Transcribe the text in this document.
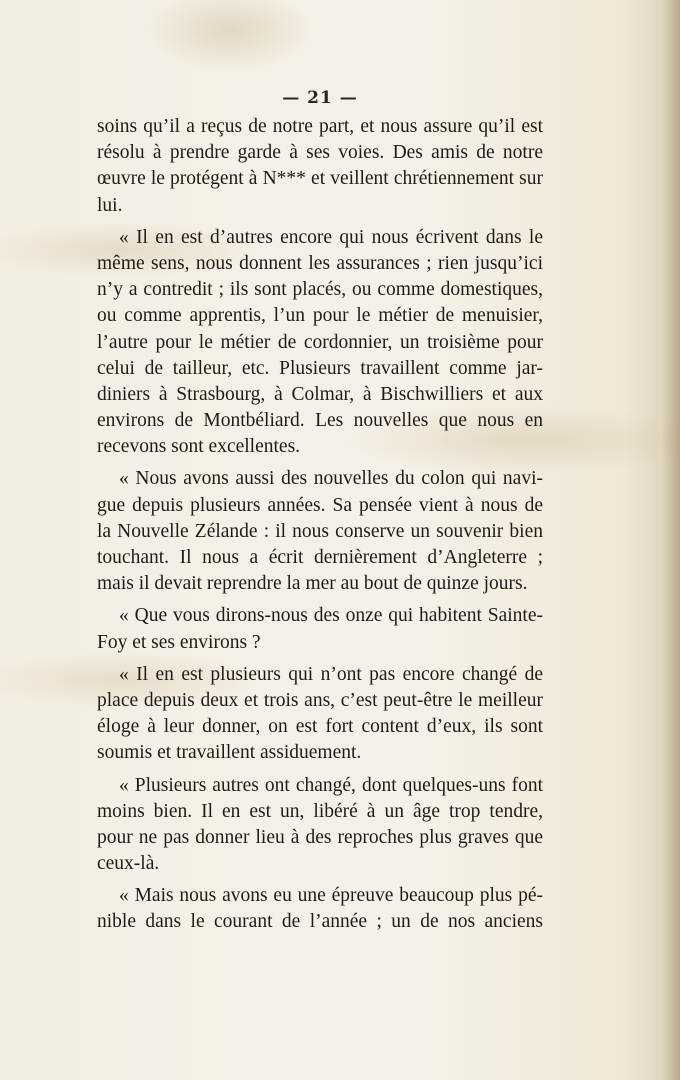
— 21 —
soins qu’il a reçus de notre part, et nous assure qu’il est
résolu à prendre garde à ses voies. Des amis de notre
œuvre le protégent à N*** et veillent chrétiennement sur
lui.
« Il en est d’autres encore qui nous écrivent dans le
même sens, nous donnent les assurances ; rien jusqu’ici
n’y a contredit ; ils sont placés, ou comme domestiques,
ou comme apprentis, l’un pour le métier de menuisier,
l’autre pour le métier de cordonnier, un troisième pour
celui de tailleur, etc. Plusieurs travaillent comme jar-
diniers à Strasbourg, à Colmar, à Bischwilliers et aux
environs de Montbéliard. Les nouvelles que nous en
recevons sont excellentes.
« Nous avons aussi des nouvelles du colon qui navi-
gue depuis plusieurs années. Sa pensée vient à nous de
la Nouvelle Zélande : il nous conserve un souvenir bien
touchant. Il nous a écrit dernièrement d’Angleterre ;
mais il devait reprendre la mer au bout de quinze jours.
« Que vous dirons-nous des onze qui habitent Sainte-
Foy et ses environs ?
« Il en est plusieurs qui n’ont pas encore changé de
place depuis deux et trois ans, c’est peut-être le meilleur
éloge à leur donner, on est fort content d’eux, ils sont
soumis et travaillent assiduement.
« Plusieurs autres ont changé, dont quelques-uns font
moins bien. Il en est un, libéré à un âge trop tendre,
pour ne pas donner lieu à des reproches plus graves que
ceux-là.
« Mais nous avons eu une épreuve beaucoup plus pé-
nible dans le courant de l’année ; un de nos anciens
